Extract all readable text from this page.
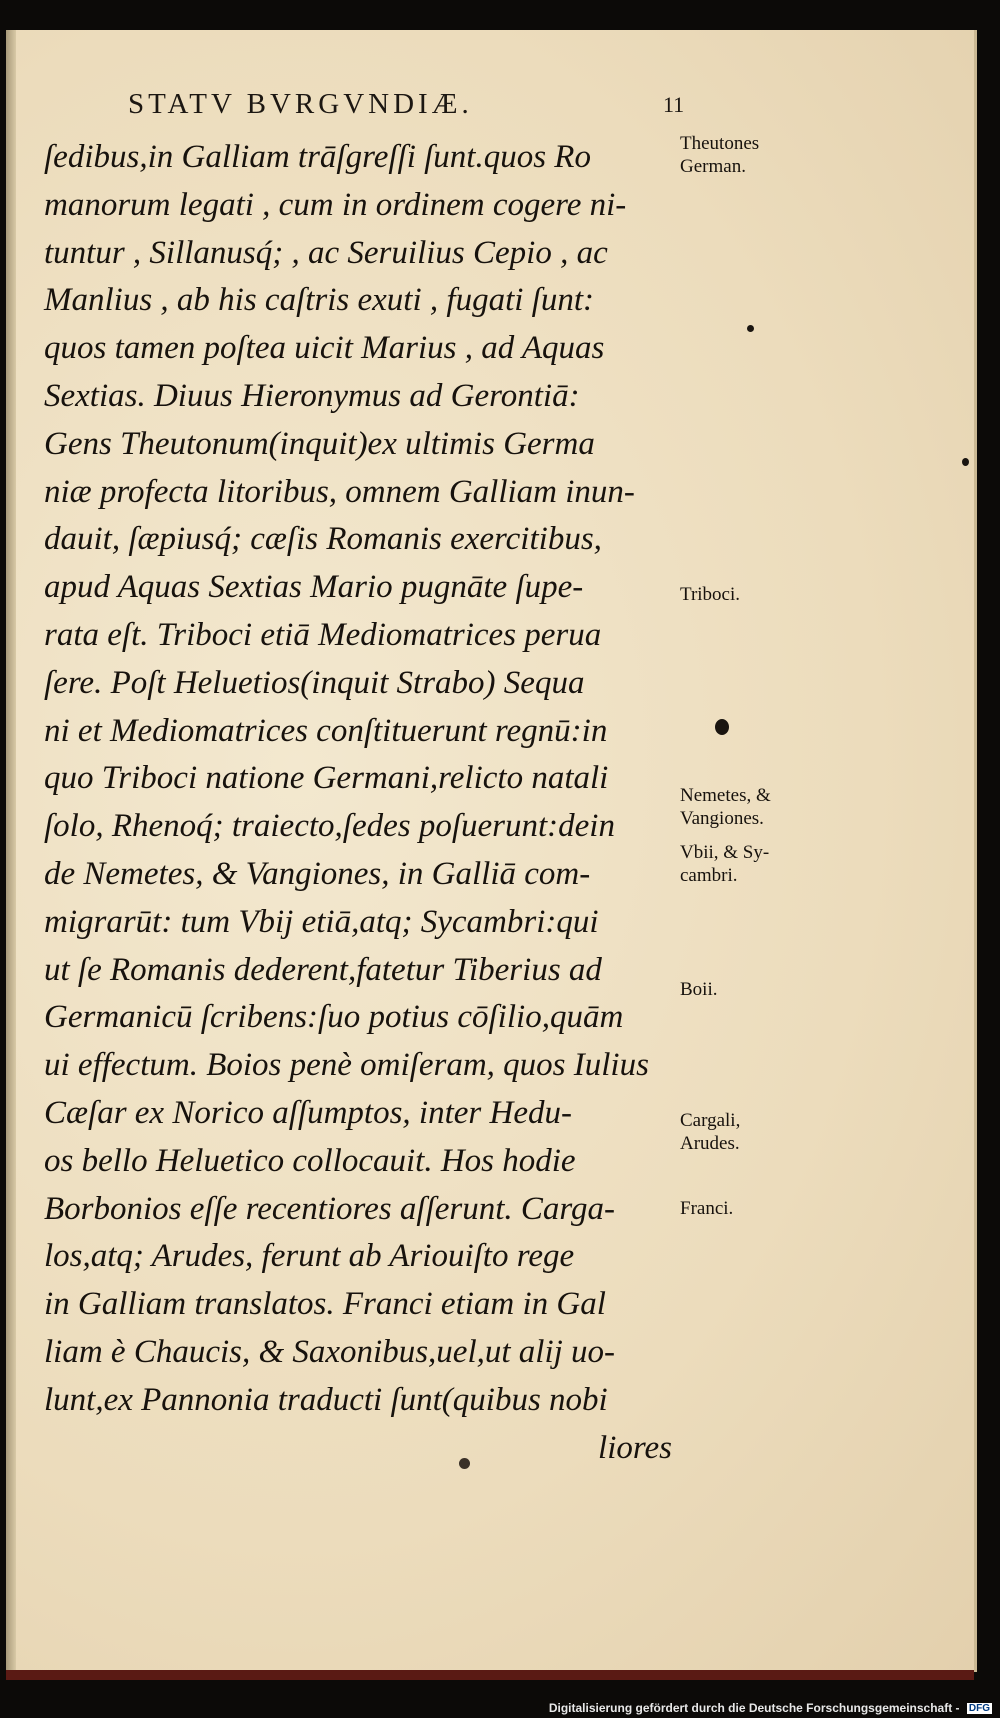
STATV BVRGVNDIÆ.	11
ſedibus,in Galliam trāſgreſſi ſunt.quos Ro
manorum legati , cum in ordinem cogere ni-
tuntur , Sillanusq́; , ac Seruilius Cepio , ac
Manlius , ab his caſtris exuti , fugati ſunt:
quos tamen poſtea uicit Marius , ad Aquas
Sextias. Diuus Hieronymus ad Gerontiā:
Gens Theutonum(inquit)ex ultimis Germa
niæ profecta litoribus, omnem Galliam inun-
dauit, ſæpiusq́; cæſis Romanis exercitibus,
apud Aquas Sextias Mario pugnāte ſupe-
rata eſt. Triboci etiā Mediomatrices perua
ſere. Poſt Heluetios(inquit Strabo) Sequa
ni et Mediomatrices conſtituerunt regnū:in
quo Triboci natione Germani,relicto natali
ſolo, Rhenoq́; traiecto,ſedes poſuerunt:dein
de Nemetes, & Vangiones, in Galliā com-
migrarūt: tum Vbij etiā,atq; Sycambri:qui
ut ſe Romanis dederent,fatetur Tiberius ad
Germanicū ſcribens:ſuo potius cōſilio,quām
ui effectum. Boios penè omiſeram, quos Iulius
Cæſar ex Norico aſſumptos, inter Hedu-
os bello Heluetico collocauit. Hos hodie
Borbonios eſſe recentiores aſſerunt. Carga-
los,atq; Arudes, ferunt ab Ariouiſto rege
in Galliam translatos. Franci etiam in Gal
liam è Chaucis, & Saxonibus,uel,ut alij uo-
lunt,ex Pannonia traducti ſunt(quibus nobi
liores
Theutones
German.
Triboci.
Nemetes, &
Vangiones.
Vbii, & Sy-
cambri.
Boii.
Cargali,
Arudes.
Franci.
Digitalisierung gefördert durch die Deutsche Forschungsgemeinschaft - DFG
